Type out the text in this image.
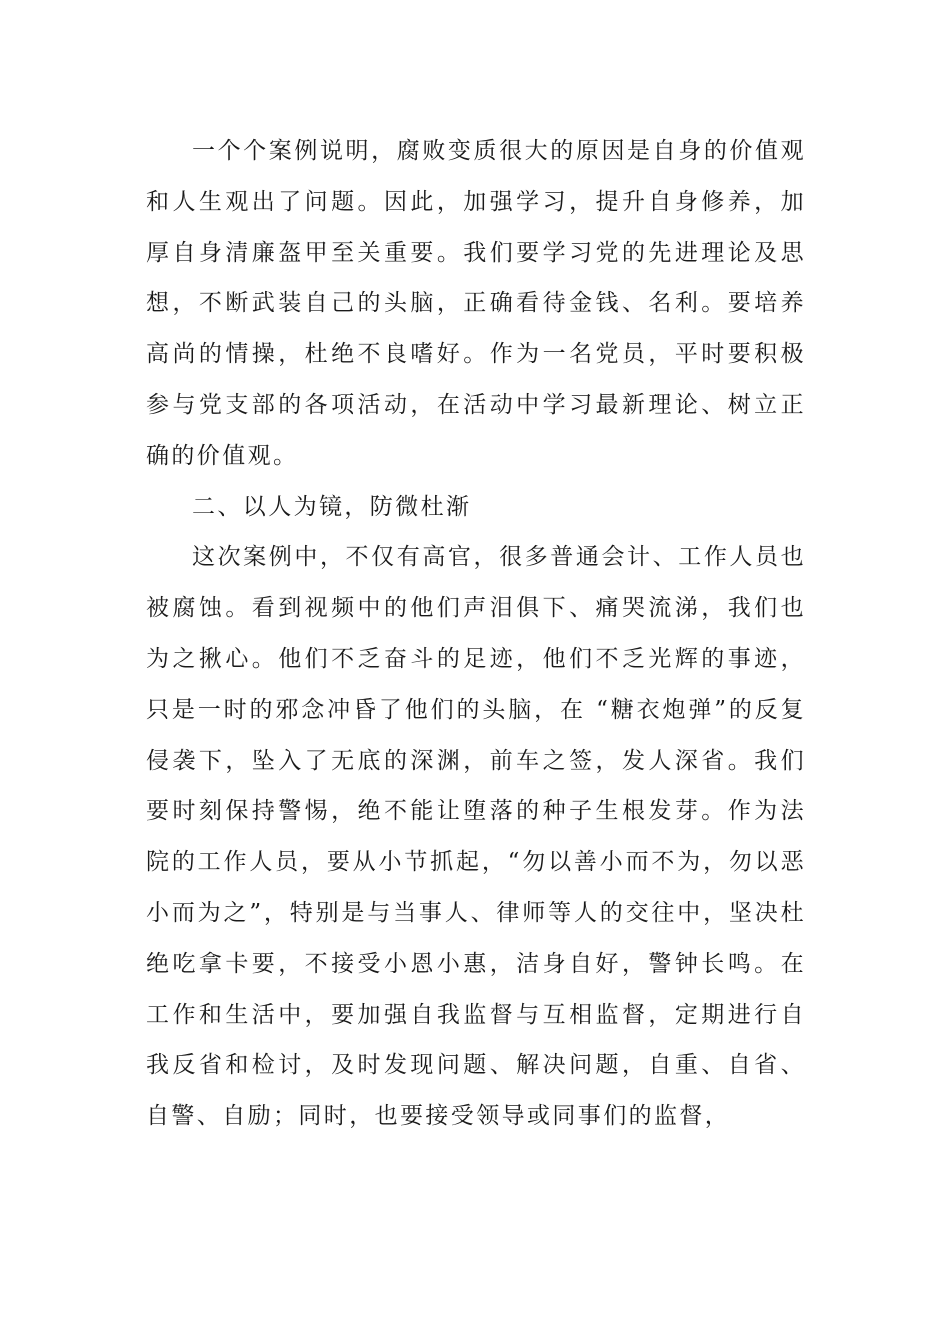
一个个案例说明，腐败变质很大的原因是自身的价值观和人生观出了问题。因此，加强学习，提升自身修养，加厚自身清廉盔甲至关重要。我们要学习党的先进理论及思想，不断武装自己的头脑，正确看待金钱、名利。要培养高尚的情操，杜绝不良嗜好。作为一名党员，平时要积极参与党支部的各项活动，在活动中学习最新理论、树立正确的价值观。

二、以人为镜，防微杜渐

这次案例中，不仅有高官，很多普通会计、工作人员也被腐蚀。看到视频中的他们声泪俱下、痛哭流涕，我们也为之揪心。他们不乏奋斗的足迹，他们不乏光辉的事迹，只是一时的邪念冲昏了他们的头脑，在 “糖衣炮弹”的反复侵袭下，坠入了无底的深渊，前车之签，发人深省。我们要时刻保持警惕，绝不能让堕落的种子生根发芽。作为法院的工作人员，要从小节抓起，“勿以善小而不为，勿以恶小而为之”，特别是与当事人、律师等人的交往中，坚决杜绝吃拿卡要，不接受小恩小惠，洁身自好，警钟长鸣。在工作和生活中，要加强自我监督与互相监督，定期进行自我反省和检讨，及时发现问题、解决问题，自重、自省、自警、自励；同时，也要接受领导或同事们的监督，
